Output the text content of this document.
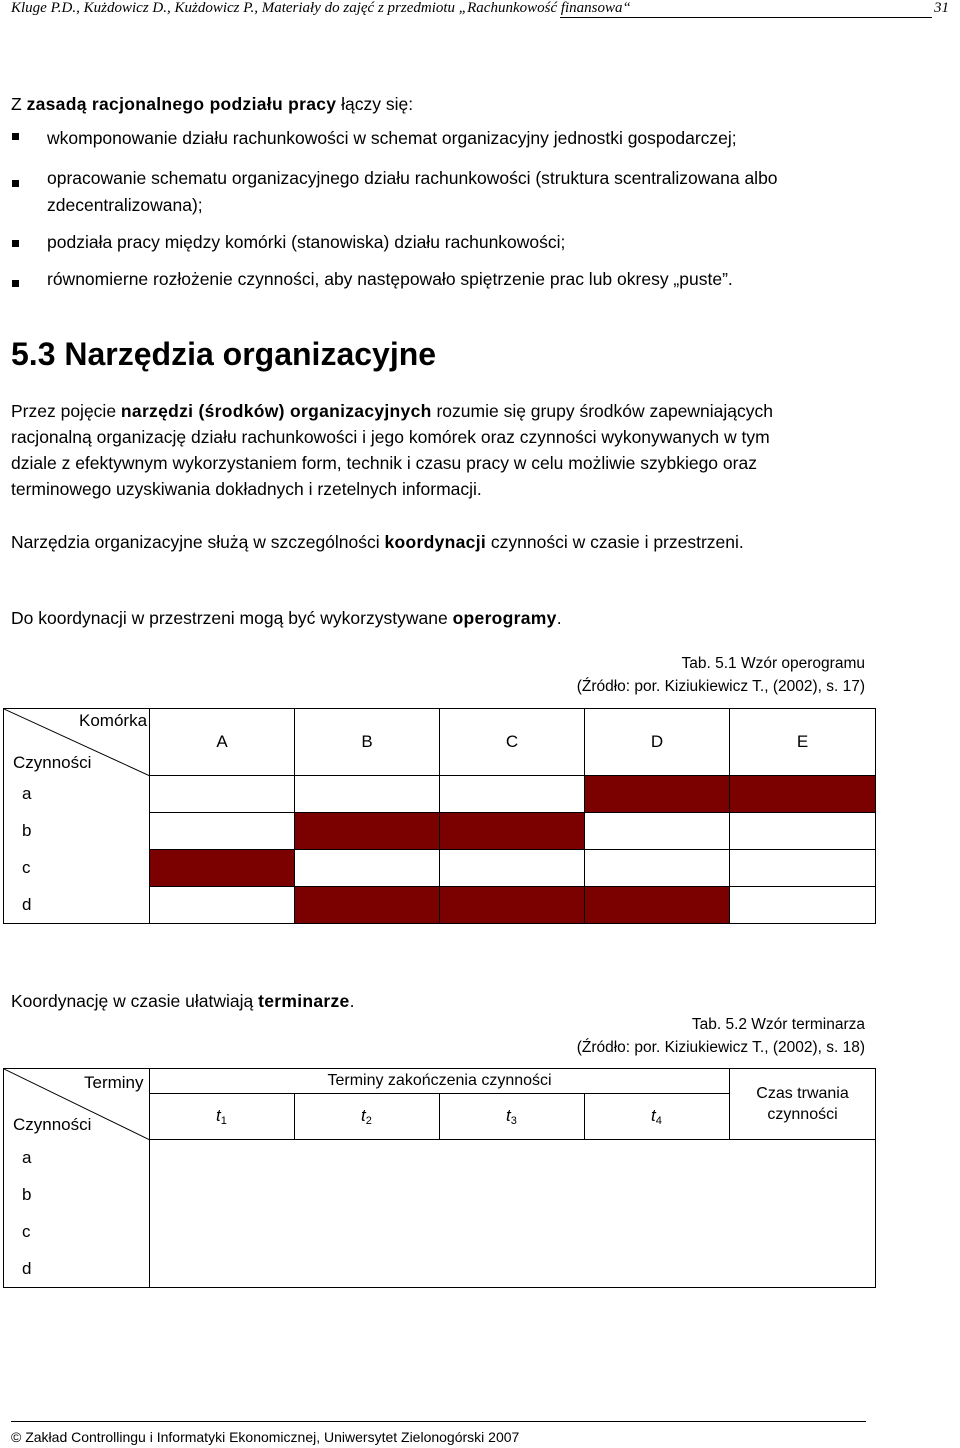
Kluge P.D., Kużdowicz D., Kużdowicz P., Materiały do zajęć z przedmiotu „Rachunkowość finansowa“	31
Z zasadą racjonalnego podziału pracy łączy się:
wkomponowanie działu rachunkowości w schemat organizacyjny jednostki gospodarczej;
opracowanie schematu organizacyjnego działu rachunkowości (struktura scentralizowana albo
zdecentralizowana);
podziała pracy między komórki (stanowiska) działu rachunkowości;
równomierne rozłożenie czynności, aby następowało spiętrzenie prac lub okresy „puste”.
5.3 Narzędzia organizacyjne
Przez pojęcie narzędzi (środków) organizacyjnych rozumie się grupy środków zapewniających
racjonalną organizację działu rachunkowości i jego komórek oraz czynności wykonywanych w tym
dziale z efektywnym wykorzystaniem form, technik i czasu pracy w celu możliwie szybkiego oraz
terminowego uzyskiwania dokładnych i rzetelnych informacji.
Narzędzia organizacyjne służą w szczególności koordynacji czynności w czasie i przestrzeni.
Do koordynacji w przestrzeni mogą być wykorzystywane operogramy.
Tab. 5.1 Wzór operogramu
(Źródło: por. Kiziukiewicz T., (2002), s. 17)
Komórka
Czynności	A	B	C	D	E
a					
b					
c					
d					
Koordynację w czasie ułatwiają terminarze.
Tab. 5.2 Wzór terminarza
(Źródło: por. Kiziukiewicz T., (2002), s. 18)
Terminy
Czynności	Terminy zakończenia czynności				Czas trwania czynności
	$t_1$	$t_2$	$t_3$	$t_4$
a					
b					
c					
d					
© Zakład Controllingu i Informatyki Ekonomicznej, Uniwersytet Zielonogórski 2007
